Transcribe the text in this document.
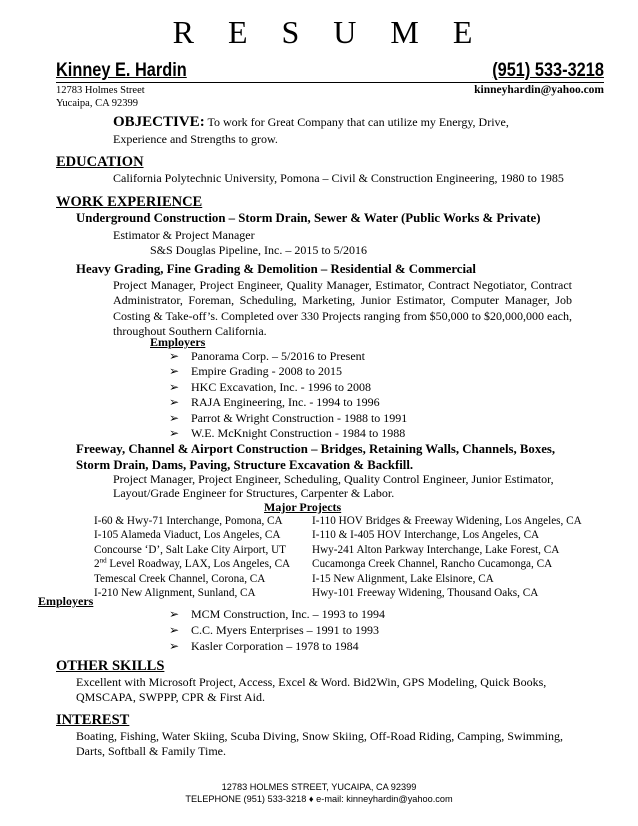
R E S U M E
Kinney E. Hardin	(951) 533-3218
12783 Holmes Street
Yucaipa, CA 92399
kinneyhardin@yahoo.com
OBJECTIVE: To work for Great Company that can utilize my Energy, Drive,
Experience and Strengths to grow.
EDUCATION
California Polytechnic University, Pomona – Civil & Construction Engineering, 1980 to 1985
WORK EXPERIENCE
Underground Construction – Storm Drain, Sewer & Water (Public Works & Private)
Estimator & Project Manager
S&S Douglas Pipeline, Inc. – 2015 to 5/2016
Heavy Grading, Fine Grading & Demolition – Residential & Commercial
Project Manager, Project Engineer, Quality Manager, Estimator, Contract Negotiator, Contract Administrator, Foreman, Scheduling, Marketing, Junior Estimator, Computer Manager, Job Costing & Take-off’s. Completed over 330 Projects ranging from $50,000 to $20,000,000 each, throughout Southern California.
Employers
➢ Panorama Corp. – 5/2016 to Present
➢ Empire Grading - 2008 to 2015
➢ HKC Excavation, Inc. - 1996 to 2008
➢ RAJA Engineering, Inc. - 1994 to 1996
➢ Parrot & Wright Construction - 1988 to 1991
➢ W.E. McKnight Construction - 1984 to 1988
Freeway, Channel & Airport Construction – Bridges, Retaining Walls, Channels, Boxes,
Storm Drain, Dams, Paving, Structure Excavation & Backfill.
Project Manager, Project Engineer, Scheduling, Quality Control Engineer, Junior Estimator,
Layout/Grade Engineer for Structures, Carpenter & Labor.
Major Projects
I-60 & Hwy-71 Interchange, Pomona, CA
I-105 Alameda Viaduct, Los Angeles, CA
Concourse ‘D’, Salt Lake City Airport, UT
2nd Level Roadway, LAX, Los Angeles, CA
Temescal Creek Channel, Corona, CA
I-210 New Alignment, Sunland, CA
I-110 HOV Bridges & Freeway Widening, Los Angeles, CA
I-110 & I-405 HOV Interchange, Los Angeles, CA
Hwy-241 Alton Parkway Interchange, Lake Forest, CA
Cucamonga Creek Channel, Rancho Cucamonga, CA
I-15 New Alignment, Lake Elsinore, CA
Hwy-101 Freeway Widening, Thousand Oaks, CA
Employers
➢ MCM Construction, Inc. – 1993 to 1994
➢ C.C. Myers Enterprises – 1991 to 1993
➢ Kasler Corporation – 1978 to 1984
OTHER SKILLS
Excellent with Microsoft Project, Access, Excel & Word. Bid2Win, GPS Modeling, Quick Books,
QMSCAPA, SWPPP, CPR & First Aid.
INTEREST
Boating, Fishing, Water Skiing, Scuba Diving, Snow Skiing, Off-Road Riding, Camping, Swimming,
Darts, Softball & Family Time.
12783 HOLMES STREET, YUCAIPA, CA 92399
TELEPHONE (951) 533-3218 ♦ e-mail: kinneyhardin@yahoo.com
